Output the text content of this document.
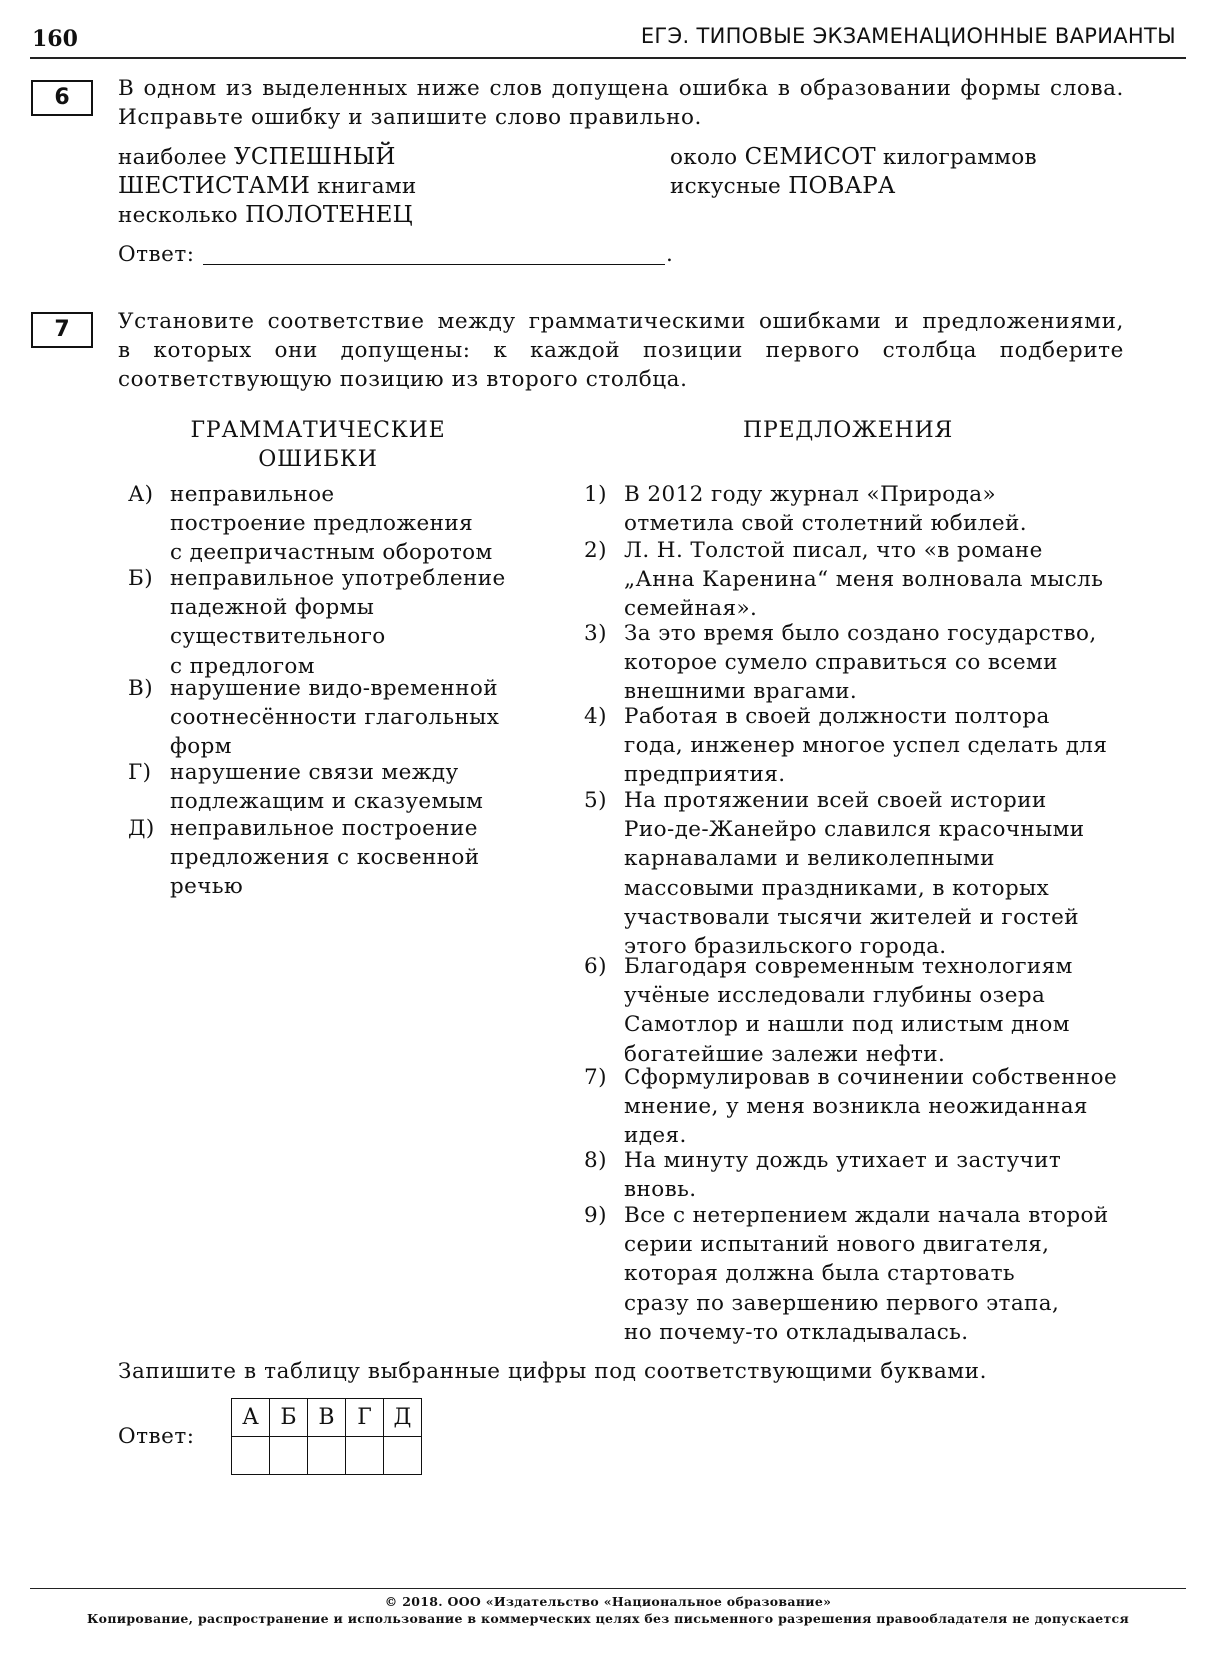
160	ЕГЭ. ТИПОВЫЕ ЭКЗАМЕНАЦИОННЫЕ ВАРИАНТЫ
6	В одном из выделенных ниже слов допущена ошибка в образовании формы слова.
Исправьте ошибку и запишите слово правильно.
наиболее УСПЕШНЫЙ
ШЕСТИСТАМИ книгами
несколько ПОЛОТЕНЕЦ
около СЕМИСОТ килограммов
искусные ПОВАРА
Ответ:	.
7	Установите соответствие между грамматическими ошибками и предложениями,
в которых они допущены: к каждой позиции первого столбца подберите
соответствующую позицию из второго столбца.
ГРАММАТИЧЕСКИЕ
ОШИБКИ
ПРЕДЛОЖЕНИЯ
А) неправильное
построение предложения
с деепричастным оборотом
Б) неправильное употребление
падежной формы
существительного
с предлогом
В) нарушение видо-временной
соотнесённости глагольных
форм
Г) нарушение связи между
подлежащим и сказуемым
Д) неправильное построение
предложения с косвенной
речью
1) В 2012 году журнал «Природа»
отметила свой столетний юбилей.
2) Л. Н. Толстой писал, что «в романе
„Анна Каренина“ меня волновала мысль
семейная».
3) За это время было создано государство,
которое сумело справиться со всеми
внешними врагами.
4) Работая в своей должности полтора
года, инженер многое успел сделать для
предприятия.
5) На протяжении всей своей истории
Рио-де-Жанейро славился красочными
карнавалами и великолепными
массовыми праздниками, в которых
участвовали тысячи жителей и гостей
этого бразильского города.
6) Благодаря современным технологиям
учёные исследовали глубины озера
Самотлор и нашли под илистым дном
богатейшие залежи нефти.
7) Сформулировав в сочинении собственное
мнение, у меня возникла неожиданная
идея.
8) На минуту дождь утихает и застучит
вновь.
9) Все с нетерпением ждали начала второй
серии испытаний нового двигателя,
которая должна была стартовать
сразу по завершению первого этапа,
но почему-то откладывалась.
Запишите в таблицу выбранные цифры под соответствующими буквами.
Ответ:
А	Б	В	Г	Д

© 2018. ООО «Издательство «Национальное образование»
Копирование, распространение и использование в коммерческих целях без письменного разрешения правообладателя не допускается
